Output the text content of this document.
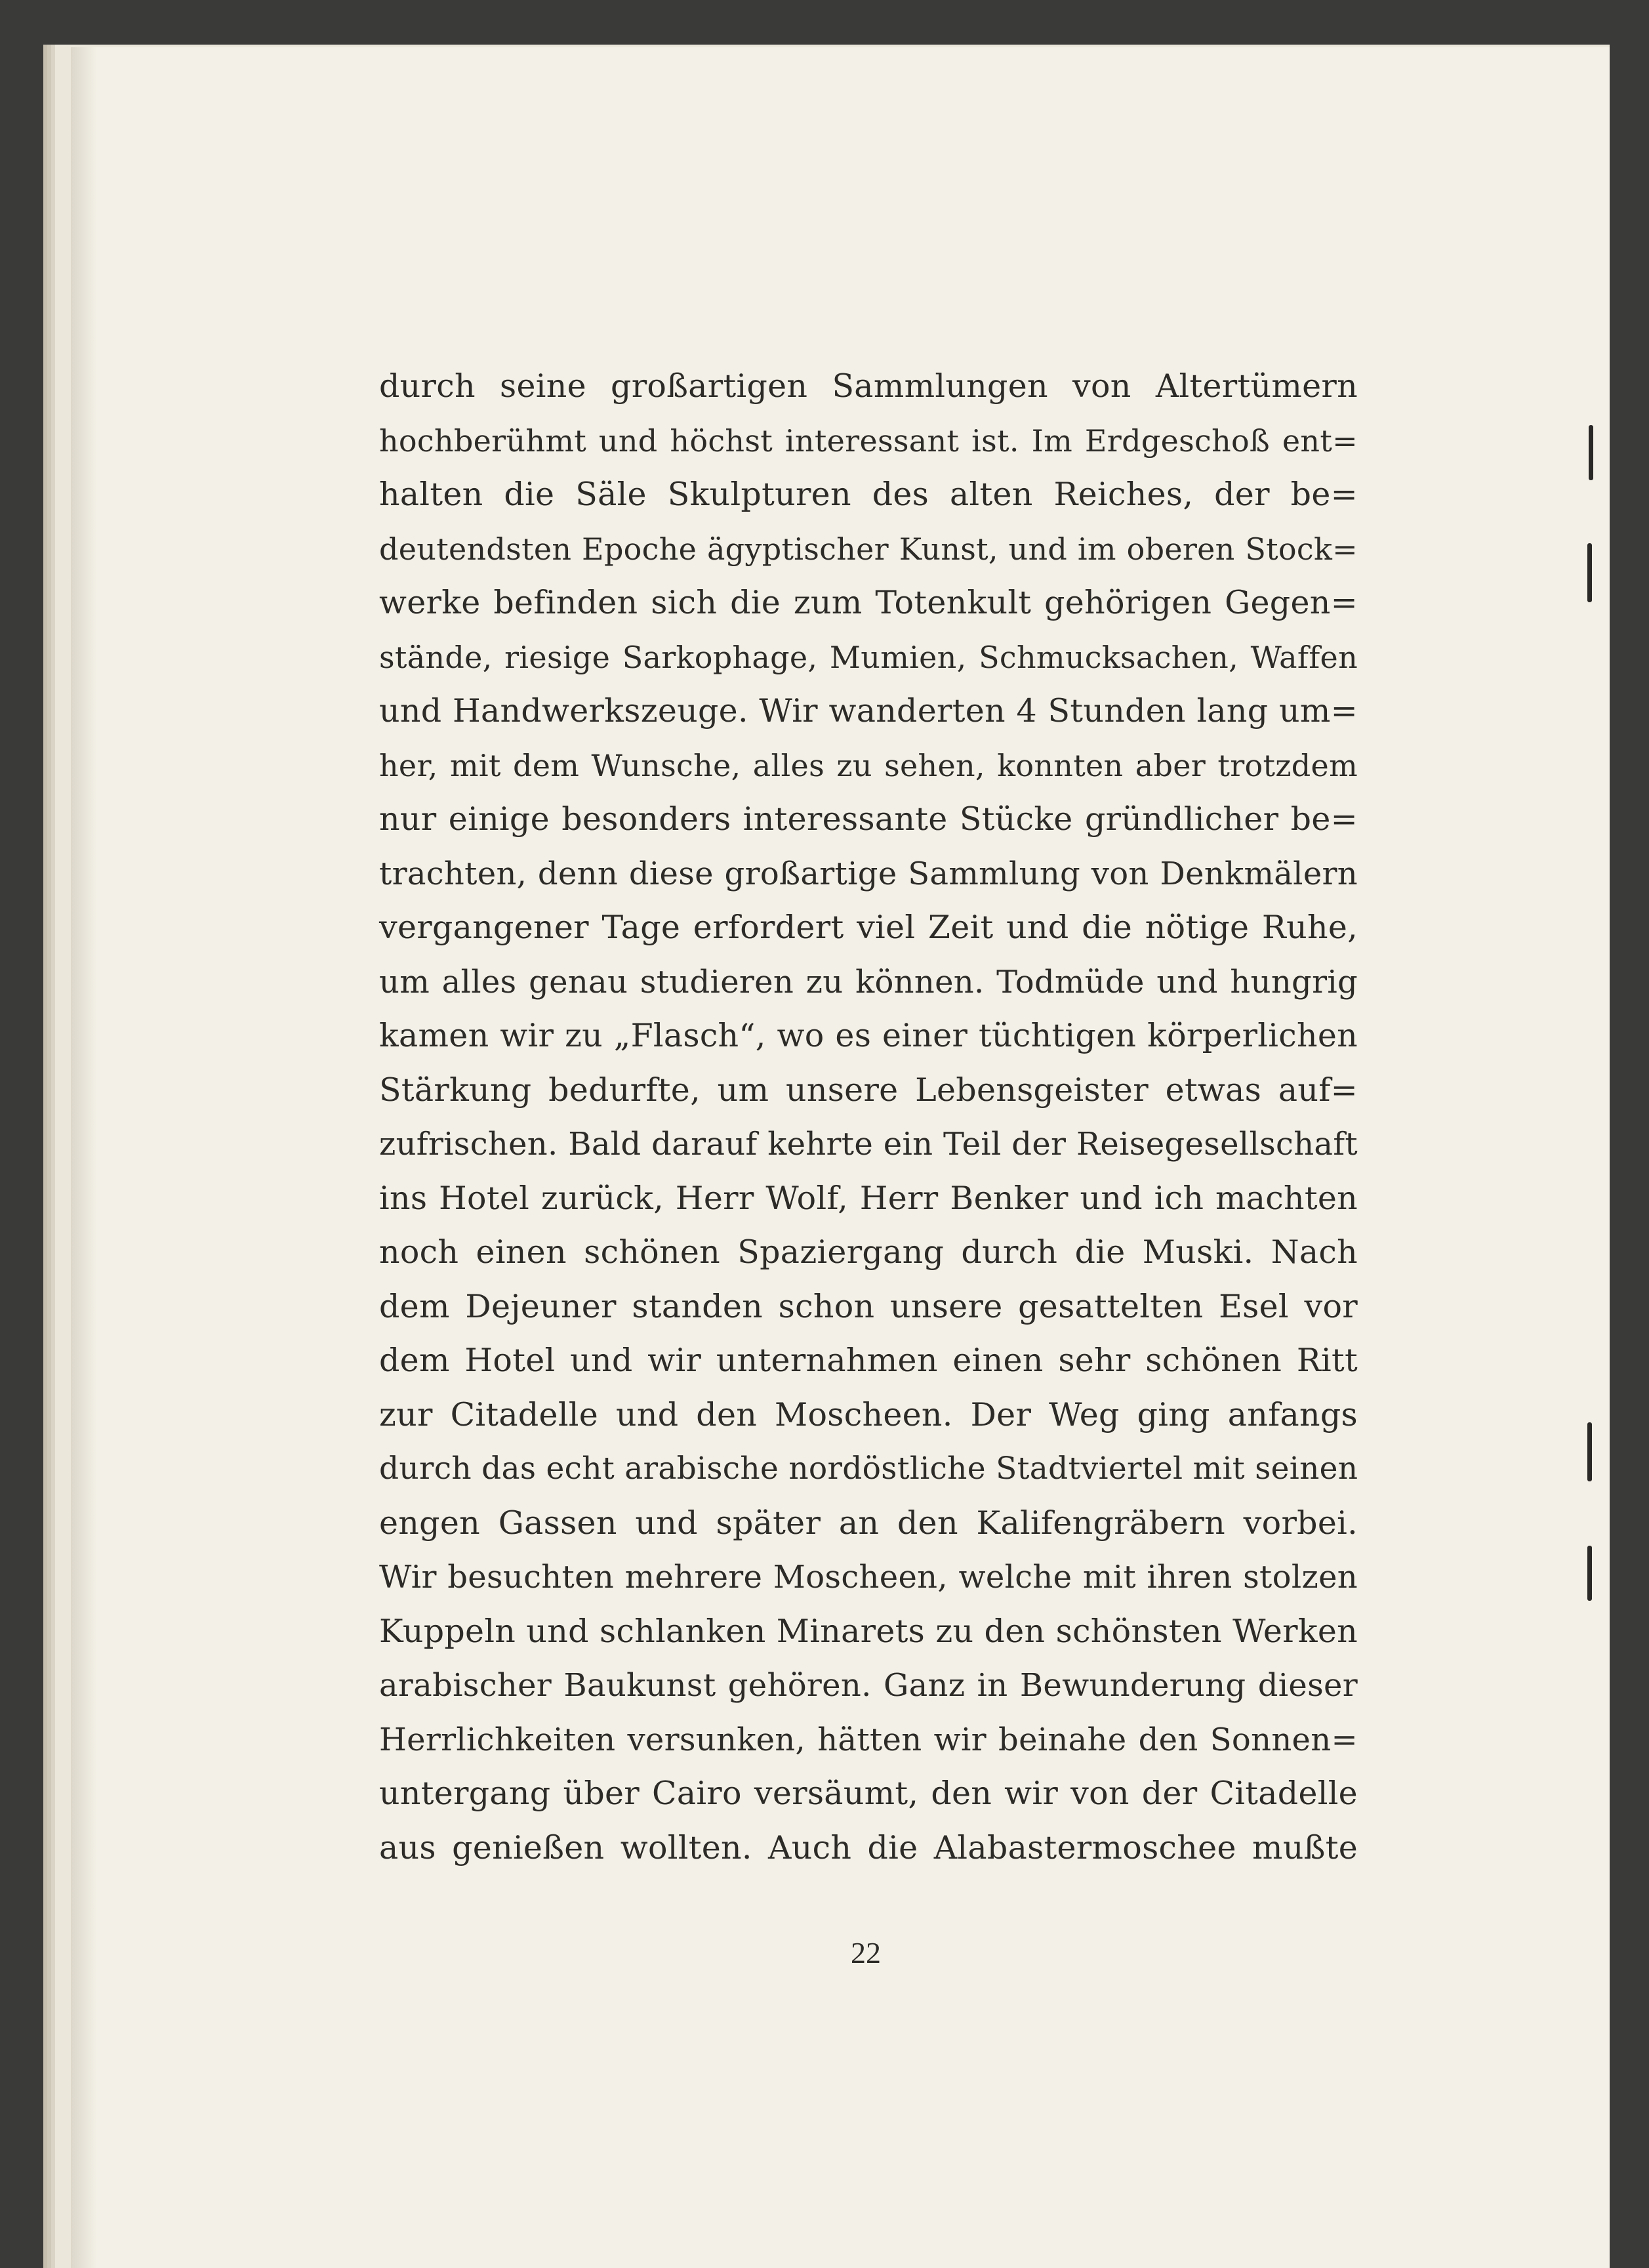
durch seine großartigen Sammlungen von Altertümern
hochberühmt und höchst interessant ist. Im Erdgeschoß ent=
halten die Säle Skulpturen des alten Reiches, der be=
deutendsten Epoche ägyptischer Kunst, und im oberen Stock=
werke befinden sich die zum Totenkult gehörigen Gegen=
stände, riesige Sarkophage, Mumien, Schmucksachen, Waffen
und Handwerkszeuge. Wir wanderten 4 Stunden lang um=
her, mit dem Wunsche, alles zu sehen, konnten aber trotzdem
nur einige besonders interessante Stücke gründlicher be=
trachten, denn diese großartige Sammlung von Denkmälern
vergangener Tage erfordert viel Zeit und die nötige Ruhe,
um alles genau studieren zu können. Todmüde und hungrig
kamen wir zu „Flasch“, wo es einer tüchtigen körperlichen
Stärkung bedurfte, um unsere Lebensgeister etwas auf=
zufrischen. Bald darauf kehrte ein Teil der Reisegesellschaft
ins Hotel zurück, Herr Wolf, Herr Benker und ich machten
noch einen schönen Spaziergang durch die Muski. Nach
dem Dejeuner standen schon unsere gesattelten Esel vor
dem Hotel und wir unternahmen einen sehr schönen Ritt
zur Citadelle und den Moscheen. Der Weg ging anfangs
durch das echt arabische nordöstliche Stadtviertel mit seinen
engen Gassen und später an den Kalifengräbern vorbei.
Wir besuchten mehrere Moscheen, welche mit ihren stolzen
Kuppeln und schlanken Minarets zu den schönsten Werken
arabischer Baukunst gehören. Ganz in Bewunderung dieser
Herrlichkeiten versunken, hätten wir beinahe den Sonnen=
untergang über Cairo versäumt, den wir von der Citadelle
aus genießen wollten. Auch die Alabastermoschee mußte
22
